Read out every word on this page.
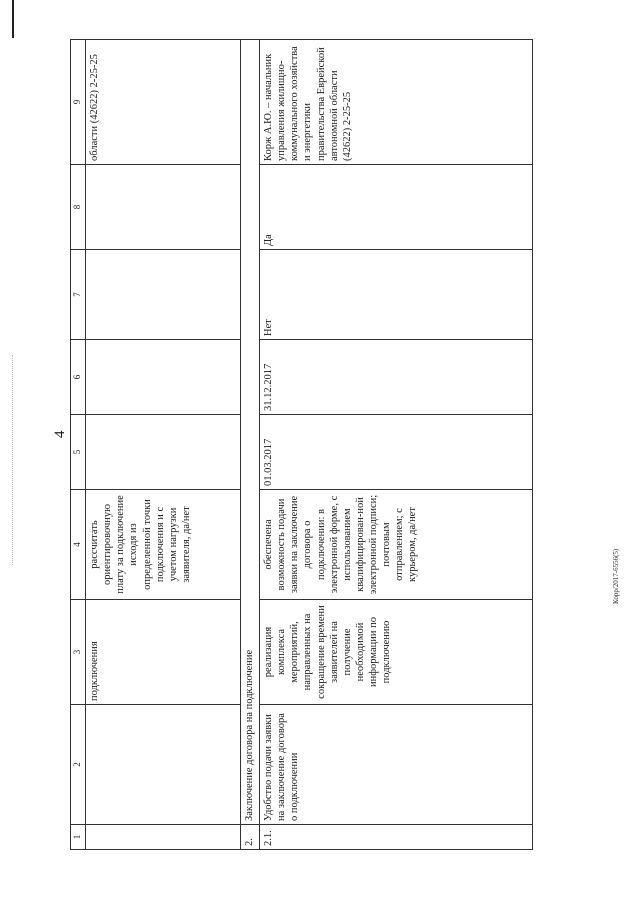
4
Корр/2017-6556(5)
1	2	3	4	5	6	7	8	9
		подключения	рассчитать ориентировочную плату за подключение исходя из определенной точки подключения и с учетом нагрузки заявителя, да/нет					области (42622) 2-25-25
2.	Заключение договора на подключение							
2.1.	Удобство подачи заявки на заключение договора о подключении	реализация комплекса мероприятий, направленных на сокращение времени заявителей на получение необходимой информации по подключению	обеспечена возможность подачи заявки на заключение договора о подключении: в электронной форме, с использованием квалифицирован-ной электронной подписи; почтовым отправлением; с курьером, да/нет	01.03.2017	31.12.2017	Нет	Да	Корж А.Ю. – начальник управления жилищно-коммунального хозяйства и энергетики правительства Еврейской автономной области (42622) 2-25-25
